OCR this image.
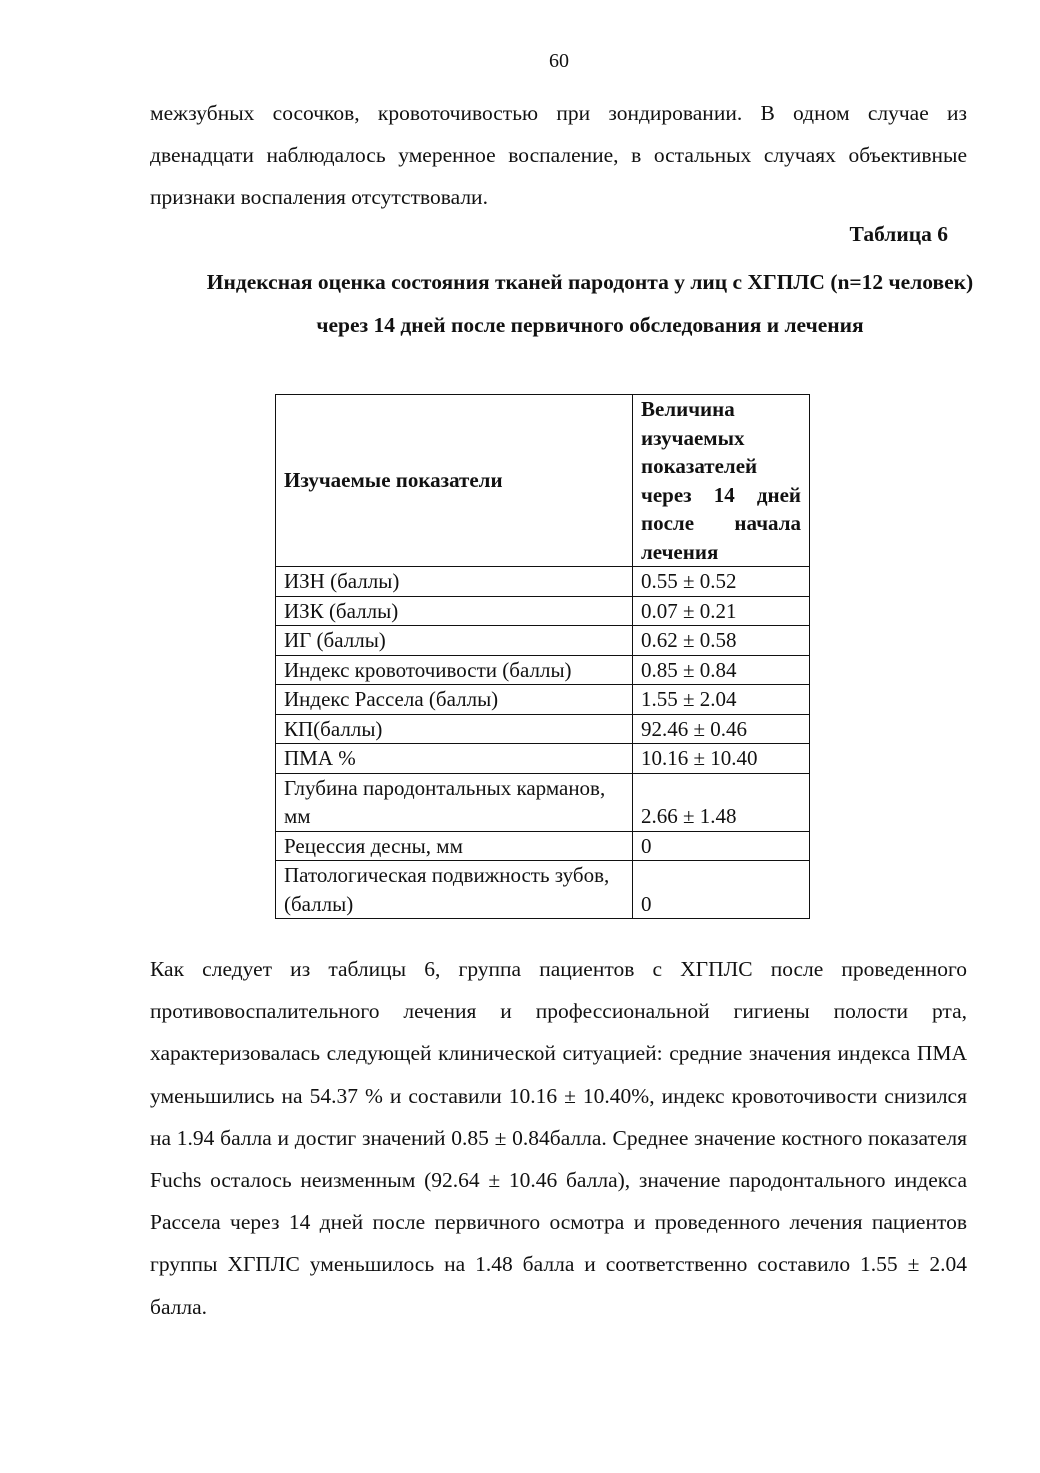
60

межзубных сосочков, кровоточивостью при зондировании. В одном случае из двенадцати наблюдалось умеренное воспаление, в остальных случаях объективные признаки воспаления отсутствовали.

Таблица 6
Индексная оценка состояния тканей пародонта у лиц с ХГПЛС (n=12 человек) через 14 дней после первичного обследования и лечения
Изучаемые показатели	Величина изучаемых показателей через 14 дней после начала лечения
ИЗН (баллы)	0.55 ± 0.52
ИЗК (баллы)	0.07 ± 0.21
ИГ (баллы)	0.62 ± 0.58
Индекс кровоточивости (баллы)	0.85 ± 0.84
Индекс Рассела (баллы)	1.55 ± 2.04
КП(баллы)	92.46 ± 0.46
ПМА %	10.16 ± 10.40
Глубина пародонтальных карманов, мм	2.66 ± 1.48
Рецессия десны, мм	0
Патологическая подвижность зубов, (баллы)	0

Как следует из таблицы 6, группа пациентов с ХГПЛС после проведенного противовоспалительного лечения и профессиональной гигиены полости рта, характеризовалась следующей клинической ситуацией: средние значения индекса ПМА уменьшились на 54.37 % и составили 10.16 ± 10.40%, индекс кровоточивости снизился на 1.94 балла и достиг значений 0.85 ± 0.84балла. Среднее значение костного показателя Fuchs осталось неизменным (92.64 ± 10.46 балла), значение пародонтального индекса Рассела через 14 дней после первичного осмотра и проведенного лечения пациентов группы ХГПЛС уменьшилось на 1.48 балла и соответственно составило 1.55 ± 2.04 балла.
